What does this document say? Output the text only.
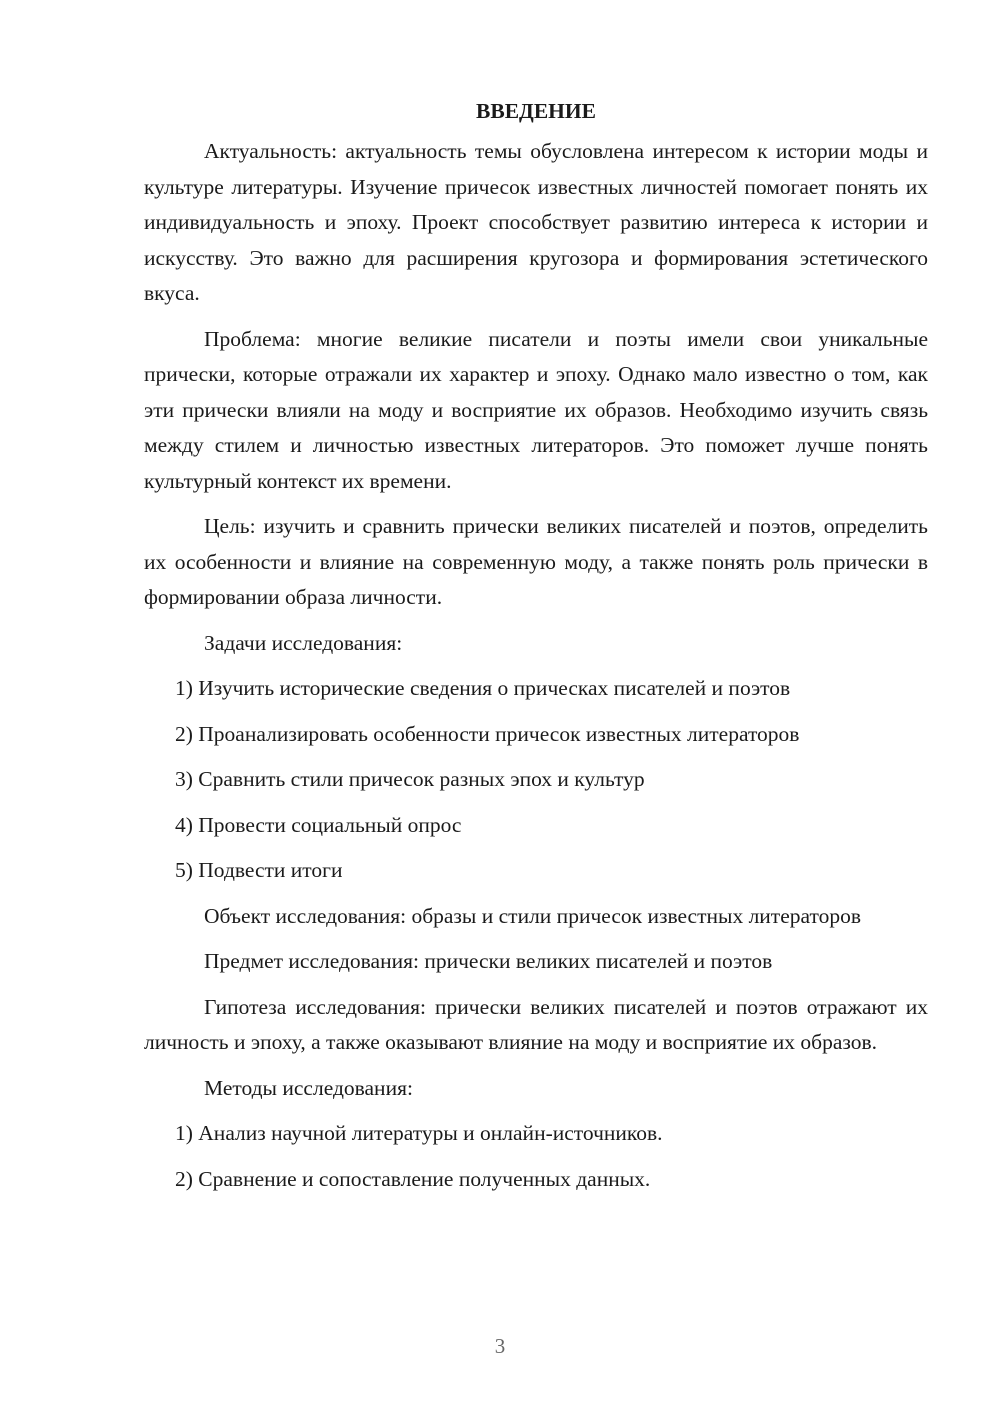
ВВЕДЕНИЕ

Актуальность: актуальность темы обусловлена интересом к истории моды и культуре литературы. Изучение причесок известных личностей помогает понять их индивидуальность и эпоху. Проект способствует развитию интереса к истории и искусству. Это важно для расширения кругозора и формирования эстетического вкуса.

Проблема: многие великие писатели и поэты имели свои уникальные прически, которые отражали их характер и эпоху. Однако мало известно о том, как эти прически влияли на моду и восприятие их образов. Необходимо изучить связь между стилем и личностью известных литераторов. Это поможет лучше понять культурный контекст их времени.

Цель: изучить и сравнить прически великих писателей и поэтов, определить их особенности и влияние на современную моду, а также понять роль прически в формировании образа личности.

Задачи исследования:

1) Изучить исторические сведения о прическах писателей и поэтов

2) Проанализировать особенности причесок известных литераторов

3) Сравнить стили причесок разных эпох и культур

4) Провести социальный опрос

5) Подвести итоги

Объект исследования: образы и стили причесок известных литераторов

Предмет исследования: прически великих писателей и поэтов

Гипотеза исследования: прически великих писателей и поэтов отражают их личность и эпоху, а также оказывают влияние на моду и восприятие их образов.

Методы исследования:

1) Анализ научной литературы и онлайн-источников.

2) Сравнение и сопоставление полученных данных.

3
